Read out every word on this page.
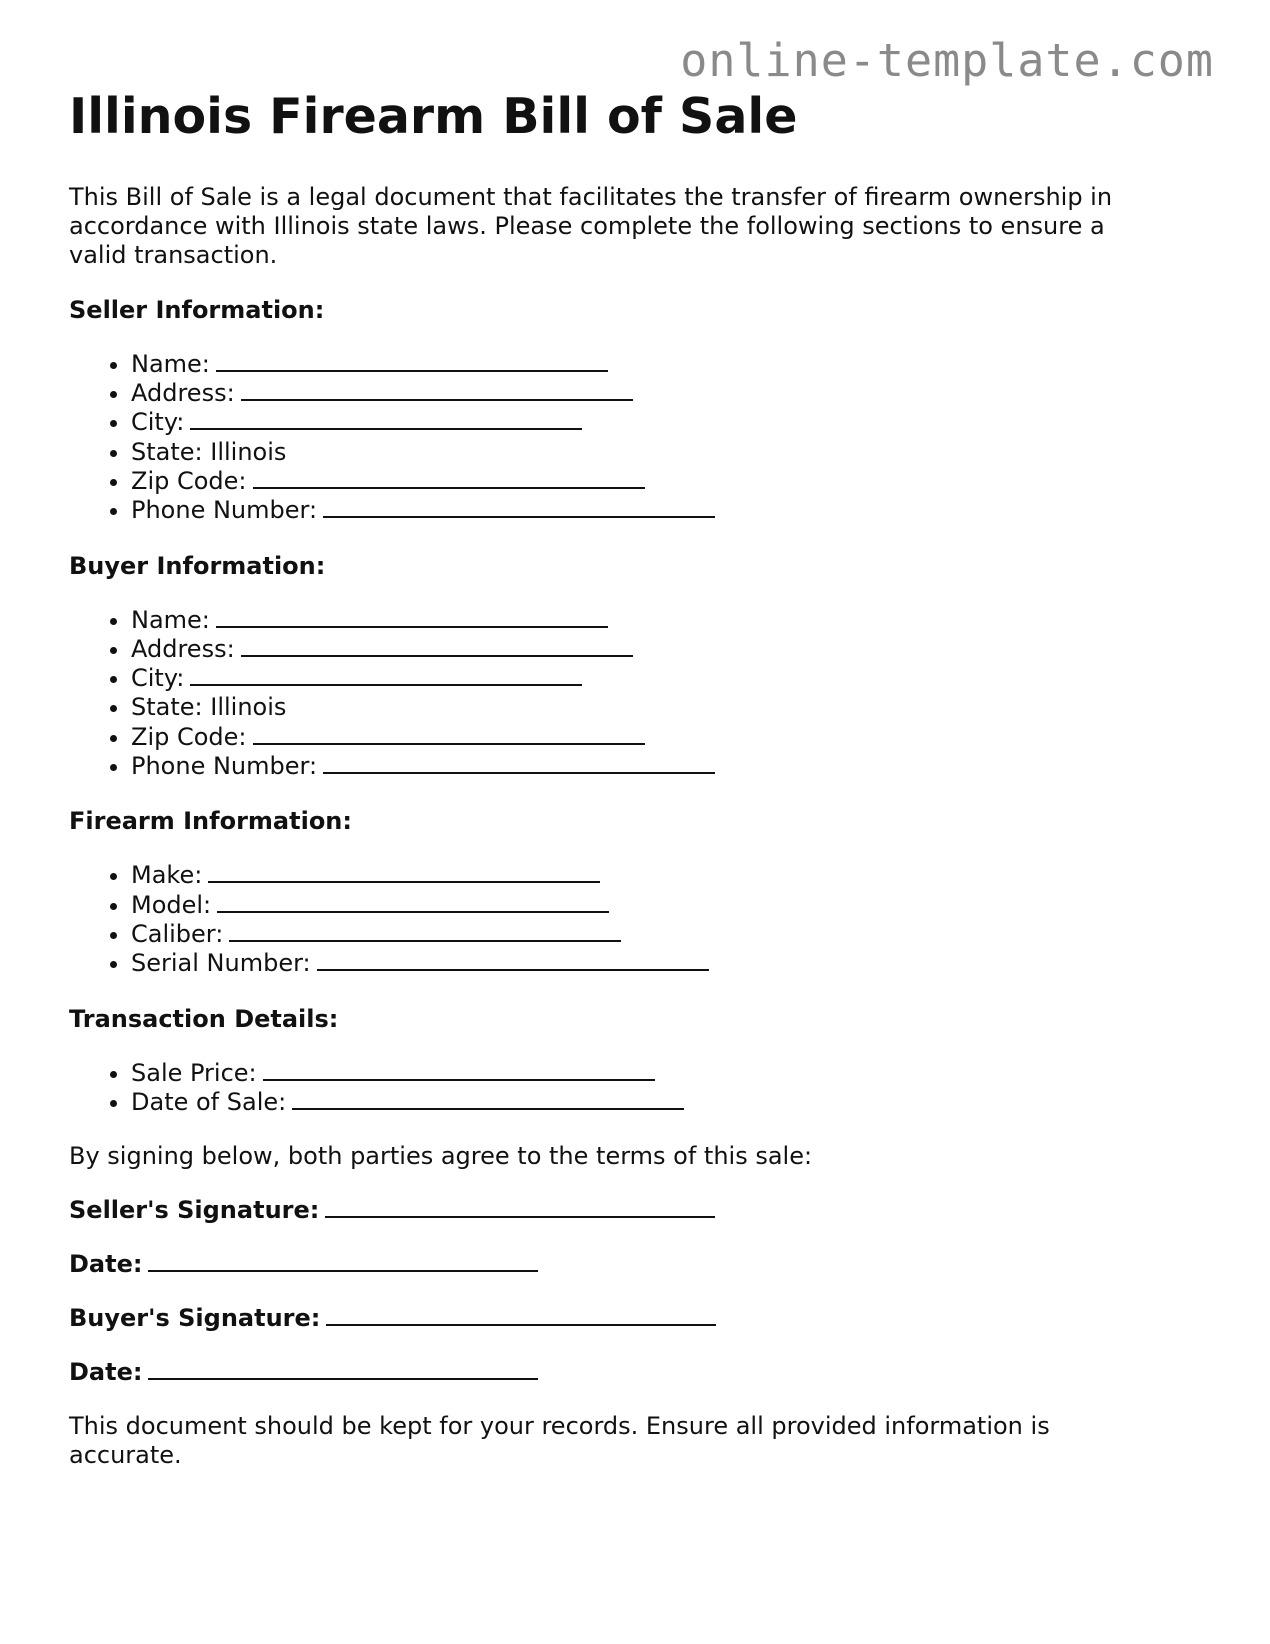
online-template.com
Illinois Firearm Bill of Sale

This Bill of Sale is a legal document that facilitates the transfer of firearm ownership in accordance with Illinois state laws. Please complete the following sections to ensure a valid transaction.

Seller Information:

• Name:
• Address:
• City:
• State: Illinois
• Zip Code:
• Phone Number:

Buyer Information:

• Name:
• Address:
• City:
• State: Illinois
• Zip Code:
• Phone Number:

Firearm Information:

• Make:
• Model:
• Caliber:
• Serial Number:

Transaction Details:

• Sale Price:
• Date of Sale:

By signing below, both parties agree to the terms of this sale:

Seller's Signature:

Date:

Buyer's Signature:

Date:

This document should be kept for your records. Ensure all provided information is accurate.
